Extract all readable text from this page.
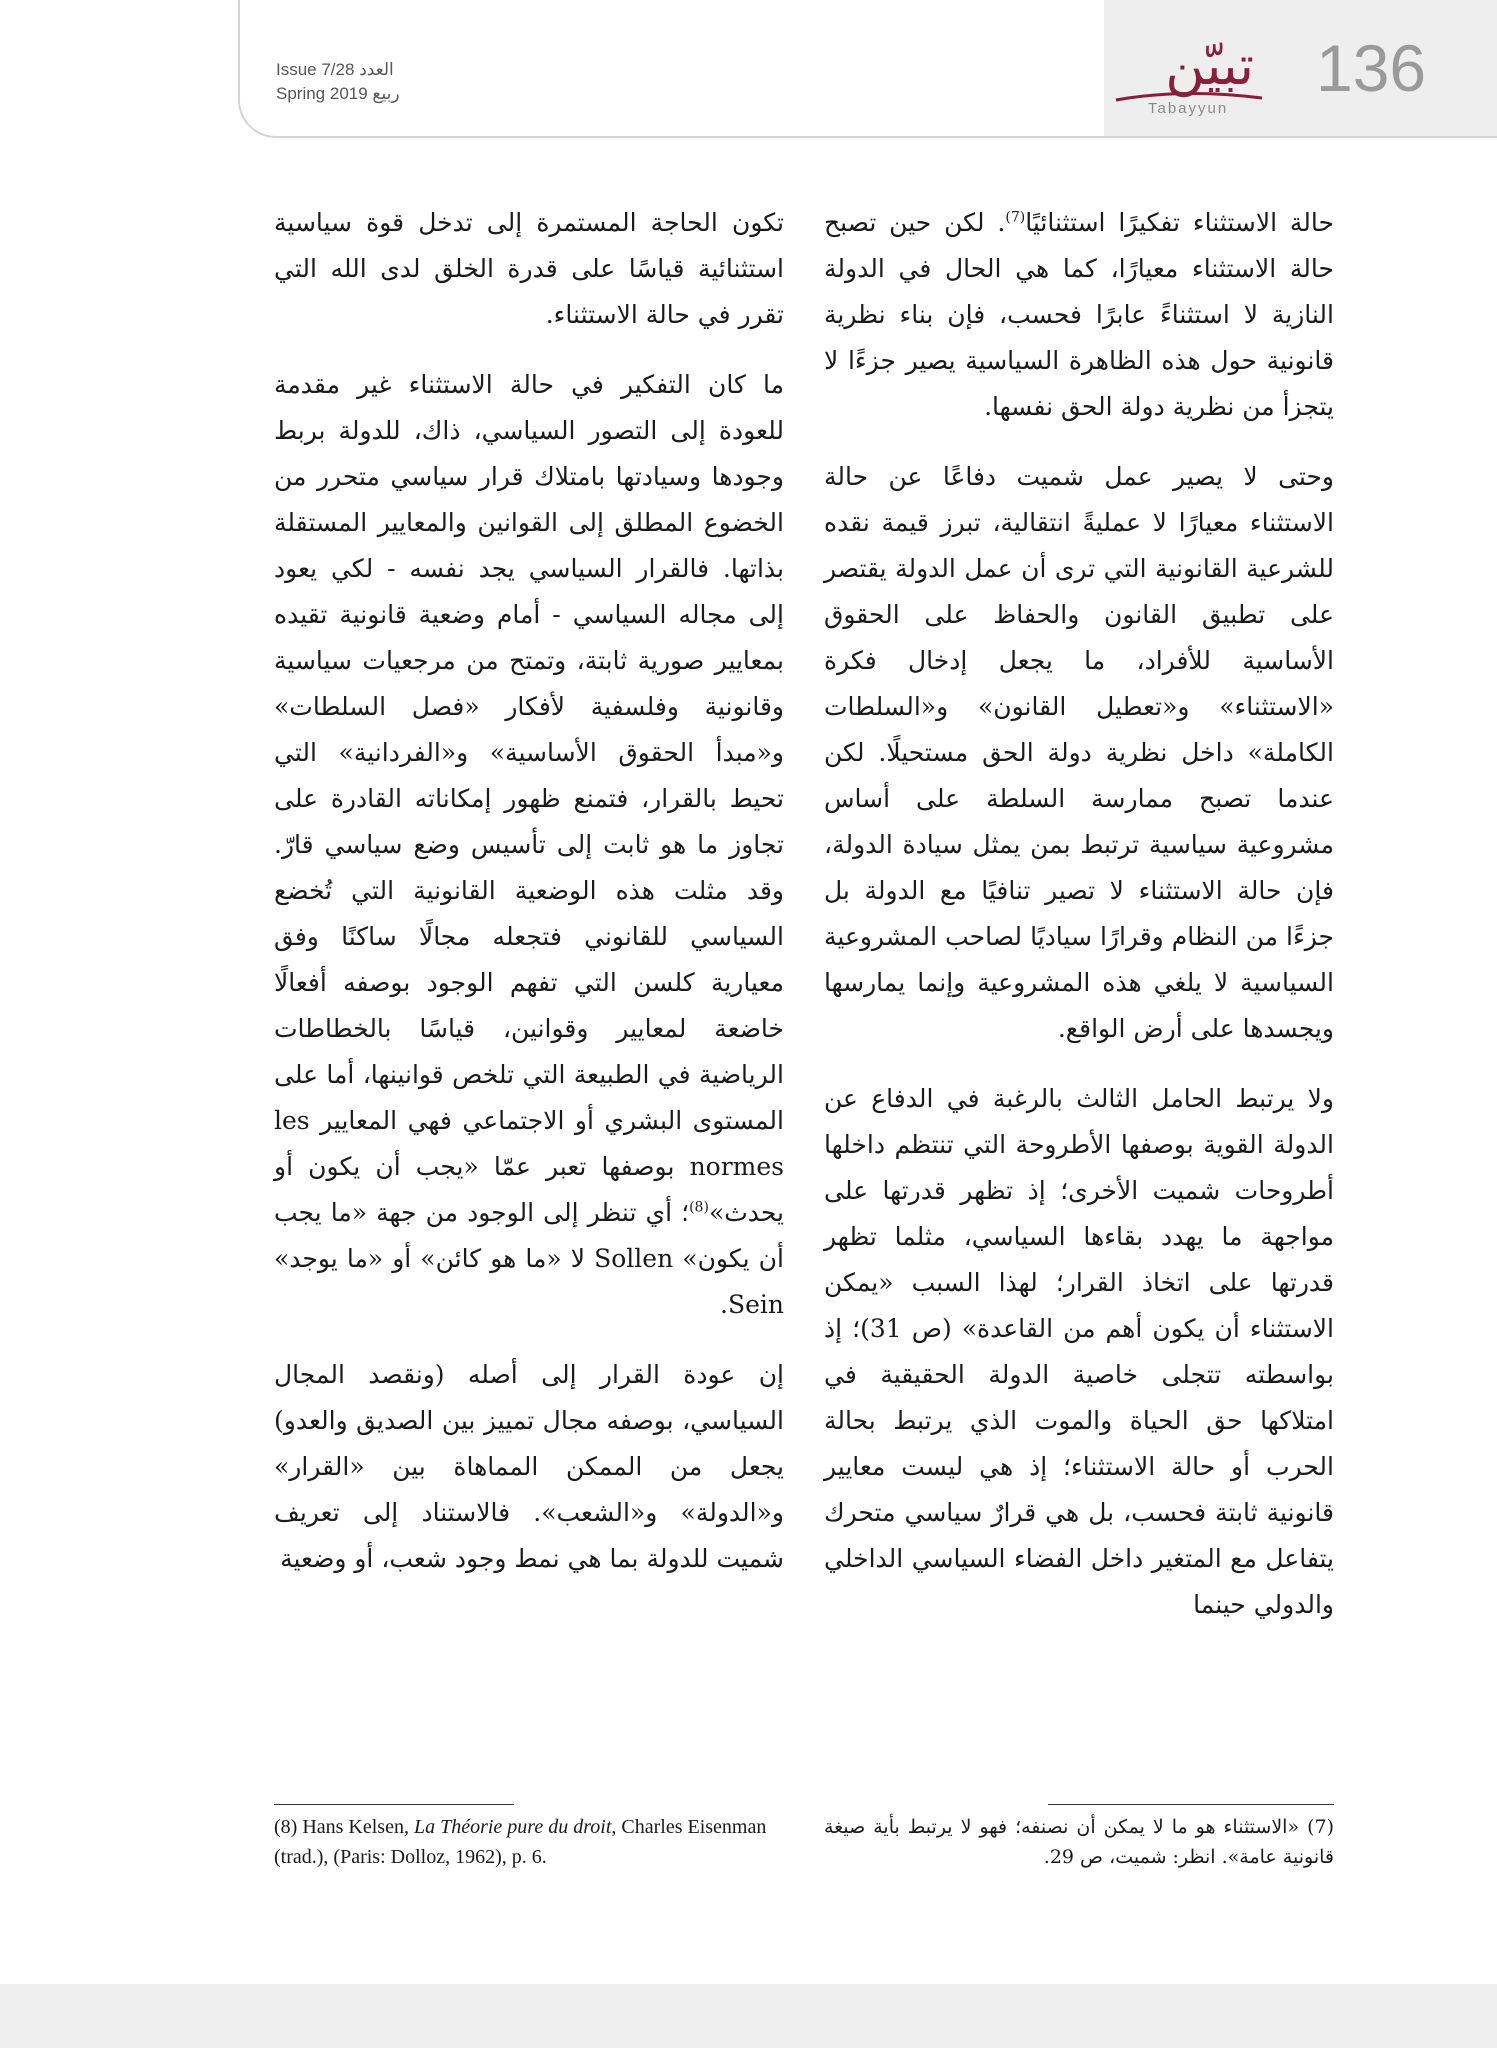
Issue 7/28 العدد
Spring 2019 ربيع	تبيّن
Tabayyun
136

حالة الاستثناء تفكيرًا استثنائيًا$^{(7)}$. لكن حين تصبح حالة الاستثناء معيارًا، كما هي الحال في الدولة النازية لا استثناءً عابرًا فحسب، فإن بناء نظرية قانونية حول هذه الظاهرة السياسية يصير جزءًا لا يتجزأ من نظرية دولة الحق نفسها.

وحتى لا يصير عمل شميت دفاعًا عن حالة الاستثناء معيارًا لا عمليةً انتقالية، تبرز قيمة نقده للشرعية القانونية التي ترى أن عمل الدولة يقتصر على تطبيق القانون والحفاظ على الحقوق الأساسية للأفراد، ما يجعل إدخال فكرة «الاستثناء» و«تعطيل القانون» و«السلطات الكاملة» داخل نظرية دولة الحق مستحيلًا. لكن عندما تصبح ممارسة السلطة على أساس مشروعية سياسية ترتبط بمن يمثل سيادة الدولة، فإن حالة الاستثناء لا تصير تنافيًا مع الدولة بل جزءًا من النظام وقرارًا سياديًا لصاحب المشروعية السياسية لا يلغي هذه المشروعية وإنما يمارسها ويجسدها على أرض الواقع.

ولا يرتبط الحامل الثالث بالرغبة في الدفاع عن الدولة القوية بوصفها الأطروحة التي تنتظم داخلها أطروحات شميت الأخرى؛ إذ تظهر قدرتها على مواجهة ما يهدد بقاءها السياسي، مثلما تظهر قدرتها على اتخاذ القرار؛ لهذا السبب «يمكن الاستثناء أن يكون أهم من القاعدة» (ص 31)؛ إذ بواسطته تتجلى خاصية الدولة الحقيقية في امتلاكها حق الحياة والموت الذي يرتبط بحالة الحرب أو حالة الاستثناء؛ إذ هي ليست معايير قانونية ثابتة فحسب، بل هي قرارٌ سياسي متحرك يتفاعل مع المتغير داخل الفضاء السياسي الداخلي والدولي حينما

تكون الحاجة المستمرة إلى تدخل قوة سياسية استثنائية قياسًا على قدرة الخلق لدى الله التي تقرر في حالة الاستثناء.

ما كان التفكير في حالة الاستثناء غير مقدمة للعودة إلى التصور السياسي، ذاك، للدولة بربط وجودها وسيادتها بامتلاك قرار سياسي متحرر من الخضوع المطلق إلى القوانين والمعايير المستقلة بذاتها. فالقرار السياسي يجد نفسه - لكي يعود إلى مجاله السياسي - أمام وضعية قانونية تقيده بمعايير صورية ثابتة، وتمتح من مرجعيات سياسية وقانونية وفلسفية لأفكار «فصل السلطات» و«مبدأ الحقوق الأساسية» و«الفردانية» التي تحيط بالقرار، فتمنع ظهور إمكاناته القادرة على تجاوز ما هو ثابت إلى تأسيس وضع سياسي قارّ. وقد مثلت هذه الوضعية القانونية التي تُخضع السياسي للقانوني فتجعله مجالًا ساكنًا وفق معيارية كلسن التي تفهم الوجود بوصفه أفعالًا خاضعة لمعايير وقوانين، قياسًا بالخطاطات الرياضية في الطبيعة التي تلخص قوانينها، أما على المستوى البشري أو الاجتماعي فهي المعايير les normes بوصفها تعبر عمّا «يجب أن يكون أو يحدث»$^{(8)}$؛ أي تنظر إلى الوجود من جهة «ما يجب أن يكون» Sollen لا «ما هو كائن» أو «ما يوجد» Sein.

إن عودة القرار إلى أصله (ونقصد المجال السياسي، بوصفه مجال تمييز بين الصديق والعدو) يجعل من الممكن المماهاة بين «القرار» و«الدولة» و«الشعب». فالاستناد إلى تعريف شميت للدولة بما هي نمط وجود شعب، أو وضعية

(7) «الاستثناء هو ما لا يمكن أن نصنفه؛ فهو لا يرتبط بأية صيغة قانونية عامة». انظر: شميت، ص 29.
(8) Hans Kelsen, La Théorie pure du droit, Charles Eisenman (trad.), (Paris: Dolloz, 1962), p. 6.
